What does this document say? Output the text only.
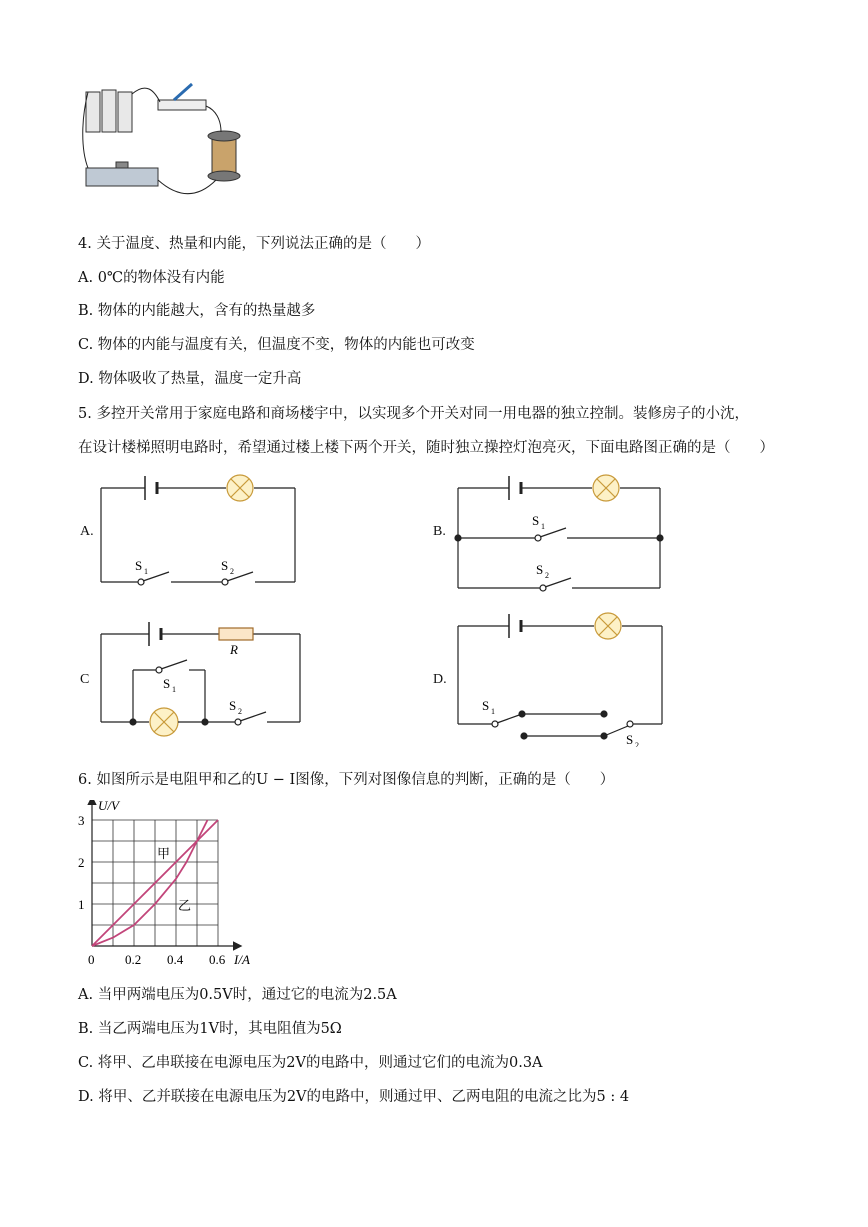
4. 关于温度、热量和内能，下列说法正确的是（　　）
A. 0℃的物体没有内能
B. 物体的内能越大，含有的热量越多
C. 物体的内能与温度有关，但温度不变，物体的内能也可改变
D. 物体吸收了热量，温度一定升高
5. 多控开关常用于家庭电路和商场楼宇中，以实现多个开关对同一用电器的独立控制。装修房子的小沈，
在设计楼梯照明电路时，希望通过楼上楼下两个开关，随时独立操控灯泡亮灭，下面电路图正确的是（　　）
A.
S 1	S 2
B.
S 1
S 2
C
R
S 1
S 2
D.
S 1
S 2
6. 如图所示是电阻甲和乙的U − I图像，下列对图像信息的判断，正确的是（　　）
0 0.2 0.4 0.6
1
2
3
I/A
U/V
甲
乙
A. 当甲两端电压为0.5V时，通过它的电流为2.5A
B. 当乙两端电压为1V时，其电阻值为5Ω
C. 将甲、乙串联接在电源电压为2V的电路中，则通过它们的电流为0.3A
D. 将甲、乙并联接在电源电压为2V的电路中，则通过甲、乙两电阻的电流之比为5 : 4
